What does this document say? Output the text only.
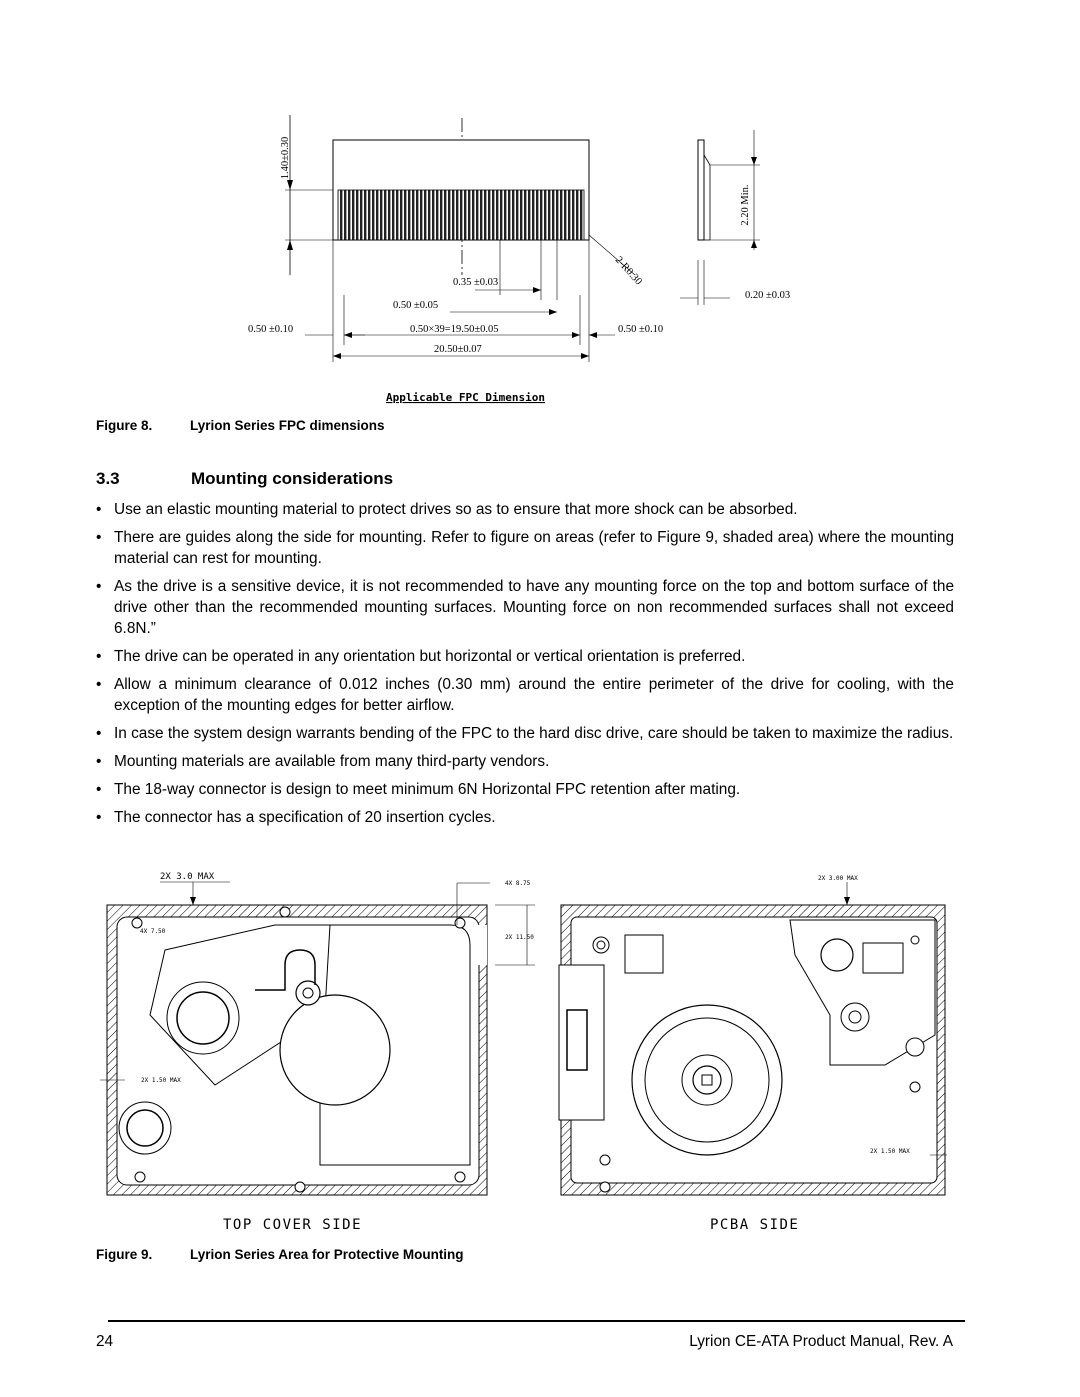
1.40±0.30
0.35 ±0.03
0.50 ±0.05
0.50 ±0.10	0.50×39=19.50±0.05	0.50 ±0.10
20.50±0.07
2-R0.30
2.20 Min.
0.20 ±0.03
Applicable FPC Dimension
Figure 8.	Lyrion Series FPC dimensions
3.3	Mounting considerations
• Use an elastic mounting material to protect drives so as to ensure that more shock can be absorbed.
• There are guides along the side for mounting. Refer to figure on areas (refer to Figure 9, shaded area) where the mounting material can rest for mounting.
• As the drive is a sensitive device, it is not recommended to have any mounting force on the top and bottom surface of the drive other than the recommended mounting surfaces. Mounting force on non recommended surfaces shall not exceed 6.8N.”
• The drive can be operated in any orientation but horizontal or vertical orientation is preferred.
• Allow a minimum clearance of 0.012 inches (0.30 mm) around the entire perimeter of the drive for cooling, with the exception of the mounting edges for better airflow.
• In case the system design warrants bending of the FPC to the hard disc drive, care should be taken to maximize the radius.
• Mounting materials are available from many third-party vendors.
• The 18-way connector is design to meet minimum 6N Horizontal FPC retention after mating.
• The connector has a specification of 20 insertion cycles.
2X 3.0 MAX
4X 8.75
2X 11.50
4X 7.50
2X 1.50 MAX
2X 3.00 MAX
2X 1.50 MAX
TOP COVER SIDE	PCBA SIDE
Figure 9.	Lyrion Series Area for Protective Mounting
24	Lyrion CE-ATA Product Manual, Rev. A
